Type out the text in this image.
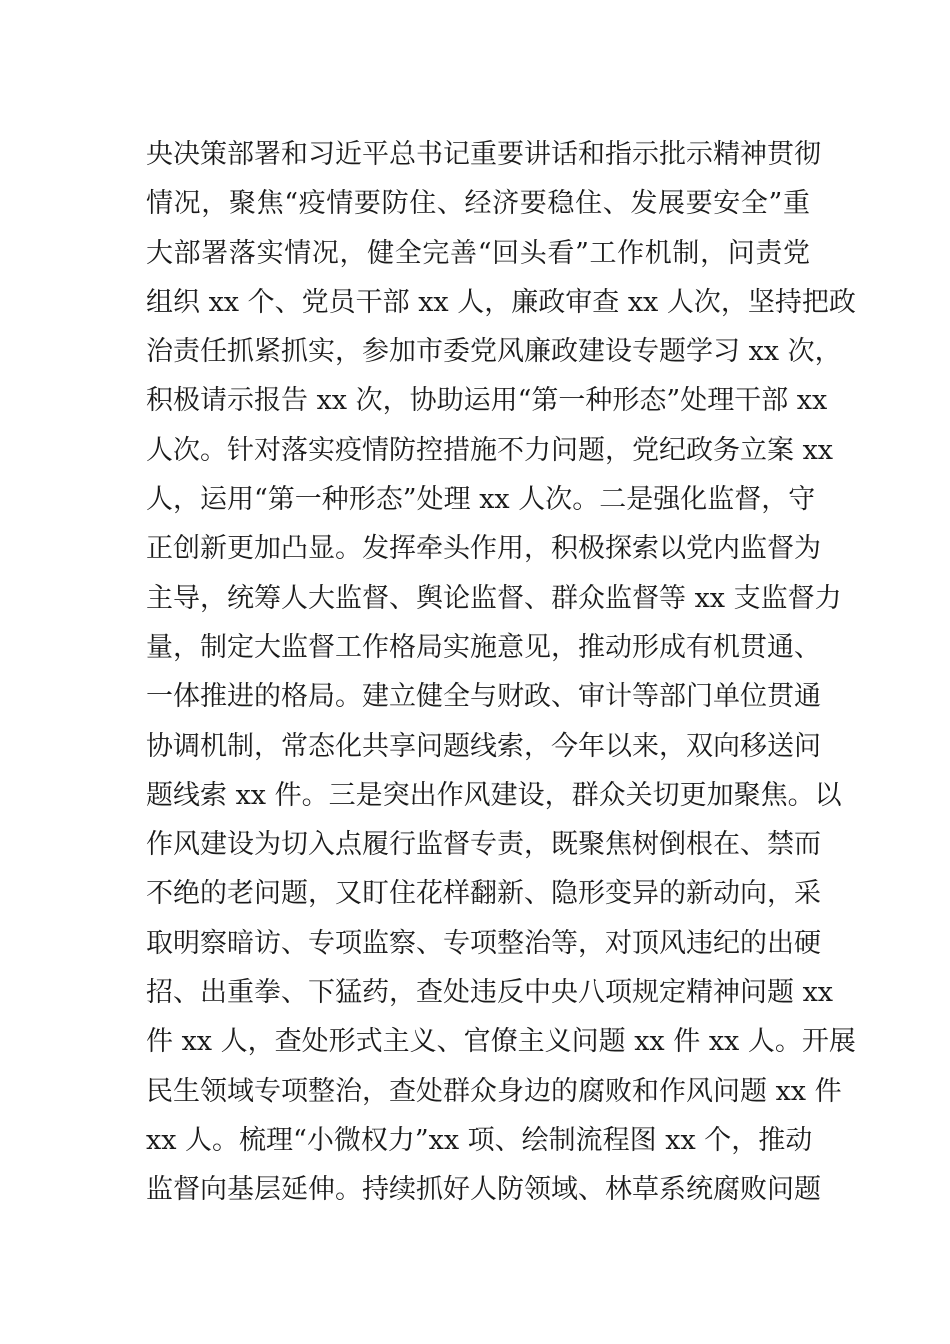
央决策部署和习近平总书记重要讲话和指示批示精神贯彻
情况，聚焦“疫情要防住、经济要稳住、发展要安全”重
大部署落实情况，健全完善“回头看”工作机制，问责党
组织 xx 个、党员干部 xx 人，廉政审查 xx 人次，坚持把政
治责任抓紧抓实，参加市委党风廉政建设专题学习 xx 次，
积极请示报告 xx 次，协助运用“第一种形态”处理干部 xx
人次。针对落实疫情防控措施不力问题，党纪政务立案 xx
人，运用“第一种形态”处理 xx 人次。二是强化监督，守
正创新更加凸显。发挥牵头作用，积极探索以党内监督为
主导，统筹人大监督、舆论监督、群众监督等 xx 支监督力
量，制定大监督工作格局实施意见，推动形成有机贯通、
一体推进的格局。建立健全与财政、审计等部门单位贯通
协调机制，常态化共享问题线索，今年以来，双向移送问
题线索 xx 件。三是突出作风建设，群众关切更加聚焦。以
作风建设为切入点履行监督专责，既聚焦树倒根在、禁而
不绝的老问题，又盯住花样翻新、隐形变异的新动向，采
取明察暗访、专项监察、专项整治等，对顶风违纪的出硬
招、出重拳、下猛药，查处违反中央八项规定精神问题 xx
件 xx 人，查处形式主义、官僚主义问题 xx 件 xx 人。开展
民生领域专项整治，查处群众身边的腐败和作风问题 xx 件
xx 人。梳理“小微权力”xx 项、绘制流程图 xx 个，推动
监督向基层延伸。持续抓好人防领域、林草系统腐败问题
